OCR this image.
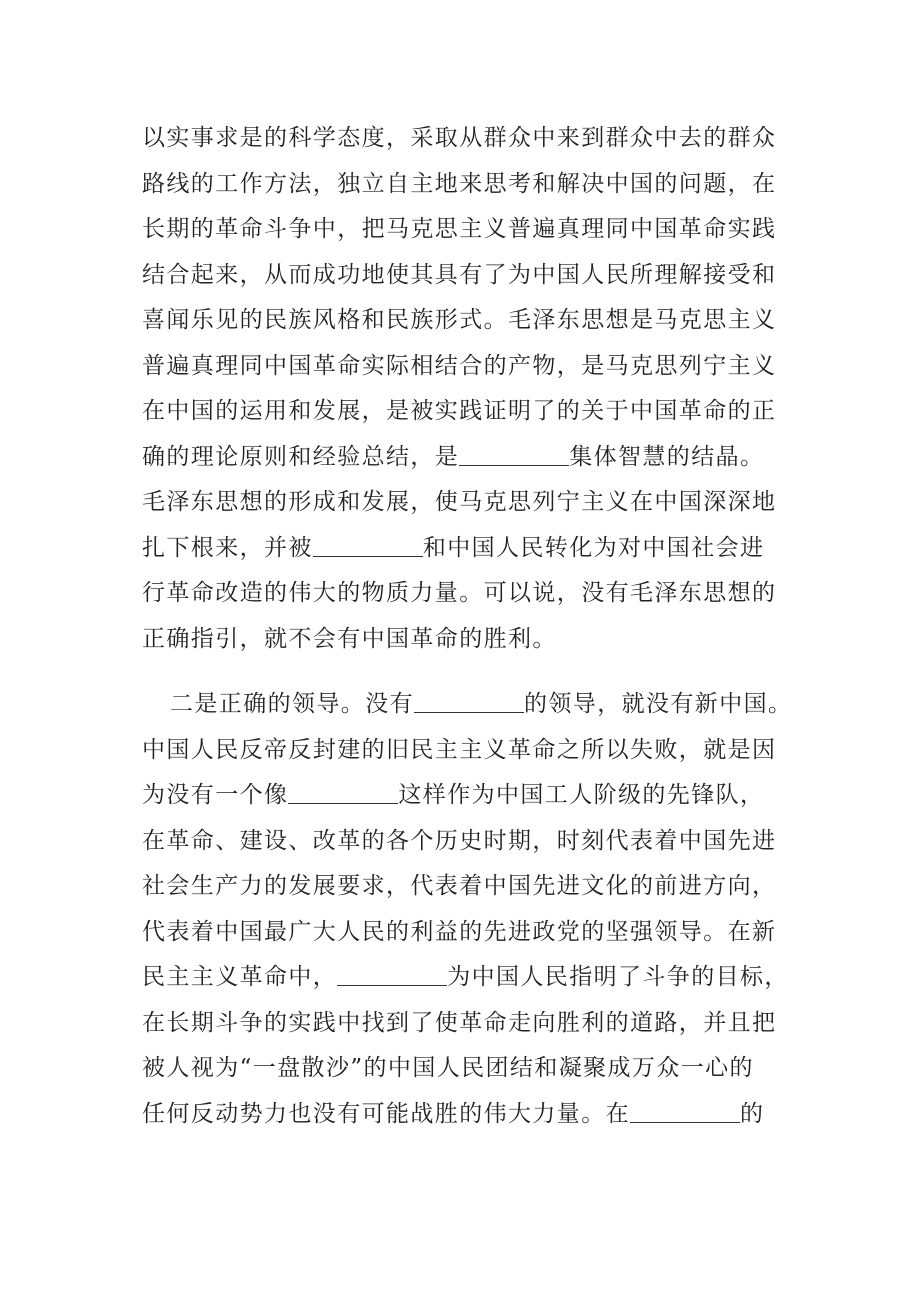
以实事求是的科学态度，采取从群众中来到群众中去的群众
路线的工作方法，独立自主地来思考和解决中国的问题，在
长期的革命斗争中，把马克思主义普遍真理同中国革命实践
结合起来，从而成功地使其具有了为中国人民所理解接受和
喜闻乐见的民族风格和民族形式。毛泽东思想是马克思主义
普遍真理同中国革命实际相结合的产物，是马克思列宁主义
在中国的运用和发展，是被实践证明了的关于中国革命的正
确的理论原则和经验总结，是	集体智慧的结晶。
毛泽东思想的形成和发展，使马克思列宁主义在中国深深地
扎下根来，并被	和中国人民转化为对中国社会进
行革命改造的伟大的物质力量。可以说，没有毛泽东思想的
正确指引，就不会有中国革命的胜利。
二是正确的领导。没有	的领导，就没有新中国。
中国人民反帝反封建的旧民主主义革命之所以失败，就是因
为没有一个像	这样作为中国工人阶级的先锋队，
在革命、建设、改革的各个历史时期，时刻代表着中国先进
社会生产力的发展要求，代表着中国先进文化的前进方向，
代表着中国最广大人民的利益的先进政党的坚强领导。在新
民主主义革命中，	为中国人民指明了斗争的目标，
在长期斗争的实践中找到了使革命走向胜利的道路，并且把
被人视为“一盘散沙”的中国人民团结和凝聚成万众一心的
任何反动势力也没有可能战胜的伟大力量。在	的
